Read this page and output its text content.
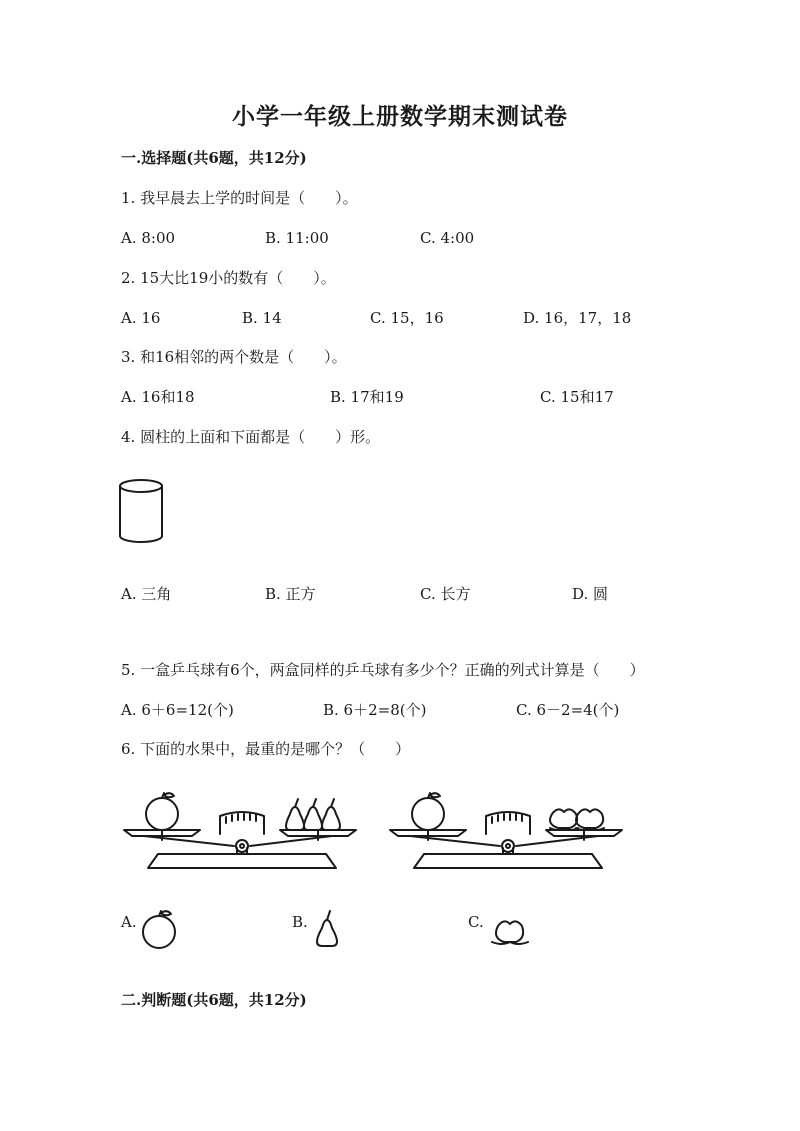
小学一年级上册数学期末测试卷
一.选择题(共6题，共12分)
1. 我早晨去上学的时间是（　　）。
A. 8:00	B. 11:00	C. 4:00
2. 15大比19小的数有（　　）。
A. 16	B. 14	C. 15，16	D. 16，17，18
3. 和16相邻的两个数是（　　）。
A. 16和18	B. 17和19	C. 15和17
4. 圆柱的上面和下面都是（　　）形。
A. 三角	B. 正方	C. 长方	D. 圆
5. 一盒乒乓球有6个，两盒同样的乒乓球有多少个？正确的列式计算是（　　）
A. 6＋6=12(个)	B. 6＋2=8(个)	C. 6－2=4(个)
6. 下面的水果中，最重的是哪个？（　　）
A.	B.	C.
二.判断题(共6题，共12分)
